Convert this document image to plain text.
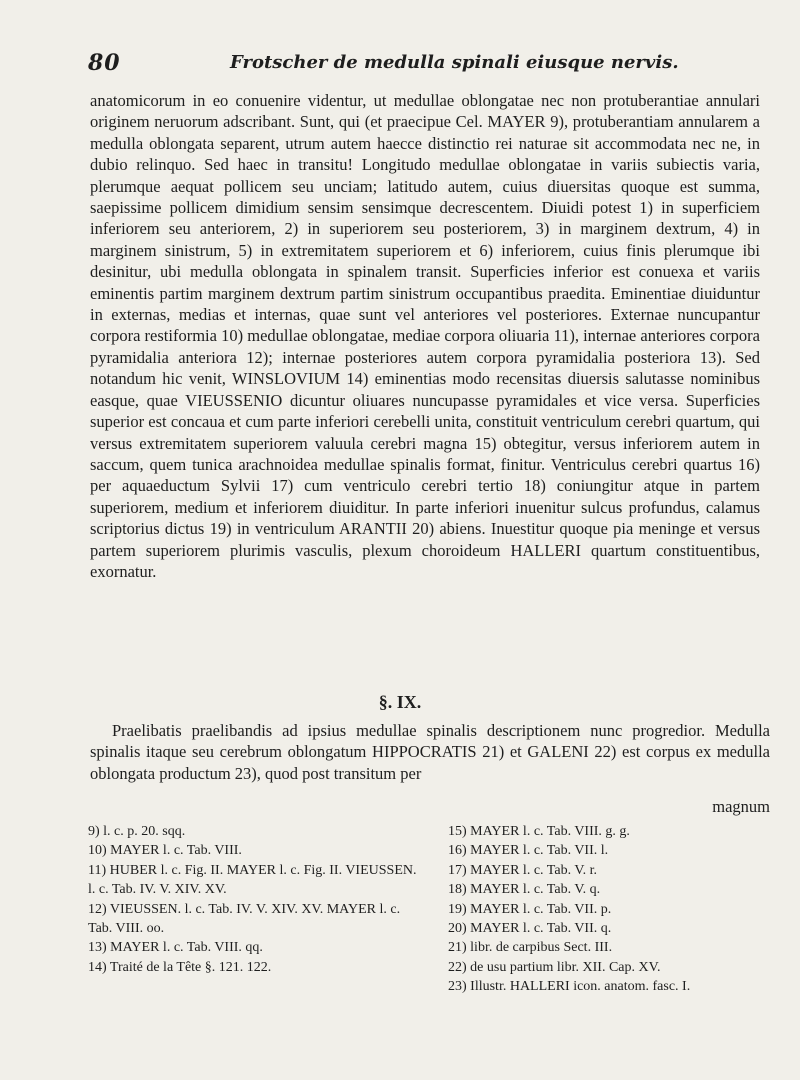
80	Frotscher de medulla spinali eiusque nervis.

anatomicorum in eo conuenire videntur, ut medullae oblongatae nec non protuberantiae annulari originem neruorum adscribant. Sunt, qui (et praecipue Cel. MAYER 9), protuberantiam annularem a medulla oblongata separent, utrum autem haecce distinctio rei naturae sit accommodata nec ne, in dubio relinquo. Sed haec in transitu! Longitudo medullae oblongatae in variis subiectis varia, plerumque aequat pollicem seu unciam; latitudo autem, cuius diuersitas quoque est summa, saepissime pollicem dimidium sensim sensimque decrescentem. Diuidi potest 1) in superficiem inferiorem seu anteriorem, 2) in superiorem seu posteriorem, 3) in marginem dextrum, 4) in marginem sinistrum, 5) in extremitatem superiorem et 6) inferiorem, cuius finis plerumque ibi desinitur, ubi medulla oblongata in spinalem transit. Superficies inferior est conuexa et variis eminentis partim marginem dextrum partim sinistrum occupantibus praedita. Eminentiae diuiduntur in externas, medias et internas, quae sunt vel anteriores vel posteriores. Externae nuncupantur corpora restiformia 10) medullae oblongatae, mediae corpora oliuaria 11), internae anteriores corpora pyramidalia anteriora 12); internae posteriores autem corpora pyramidalia posteriora 13). Sed notandum hic venit, WINSLOVIUM 14) eminentias modo recensitas diuersis salutasse nominibus easque, quae VIEUSSENIO dicuntur oliuares nuncupasse pyramidales et vice versa. Superficies superior est concaua et cum parte inferiori cerebelli unita, constituit ventriculum cerebri quartum, qui versus extremitatem superiorem valuula cerebri magna 15) obtegitur, versus inferiorem autem in saccum, quem tunica arachnoidea medullae spinalis format, finitur. Ventriculus cerebri quartus 16) per aquaeductum Sylvii 17) cum ventriculo cerebri tertio 18) coniungitur atque in partem superiorem, medium et inferiorem diuiditur. In parte inferiori inuenitur sulcus profundus, calamus scriptorius dictus 19) in ventriculum ARANTII 20) abiens. Inuestitur quoque pia meninge et versus partem superiorem plurimis vasculis, plexum choroideum HALLERI quartum constituentibus, exornatur.

§. IX.

Praelibatis praelibandis ad ipsius medullae spinalis descriptionem nunc progredior. Medulla spinalis itaque seu cerebrum oblongatum HIPPOCRATIS 21) et GALENI 22) est corpus ex medulla oblongata productum 23), quod post transitum per

magnum

9) l. c. p. 20. sqq.

10) MAYER l. c. Tab. VIII.

11) HUBER l. c. Fig. II. MAYER l. c. Fig. II. VIEUSSEN. l. c. Tab. IV. V. XIV. XV.

12) VIEUSSEN. l. c. Tab. IV. V. XIV. XV. MAYER l. c. Tab. VIII. oo.

13) MAYER l. c. Tab. VIII. qq.

14) Traité de la Tête §. 121. 122.

15) MAYER l. c. Tab. VIII. g. g.

16) MAYER l. c. Tab. VII. l.

17) MAYER l. c. Tab. V. r.

18) MAYER l. c. Tab. V. q.

19) MAYER l. c. Tab. VII. p.

20) MAYER l. c. Tab. VII. q.

21) libr. de carpibus Sect. III.

22) de usu partium libr. XII. Cap. XV.

23) Illustr. HALLERI icon. anatom. fasc. I.
